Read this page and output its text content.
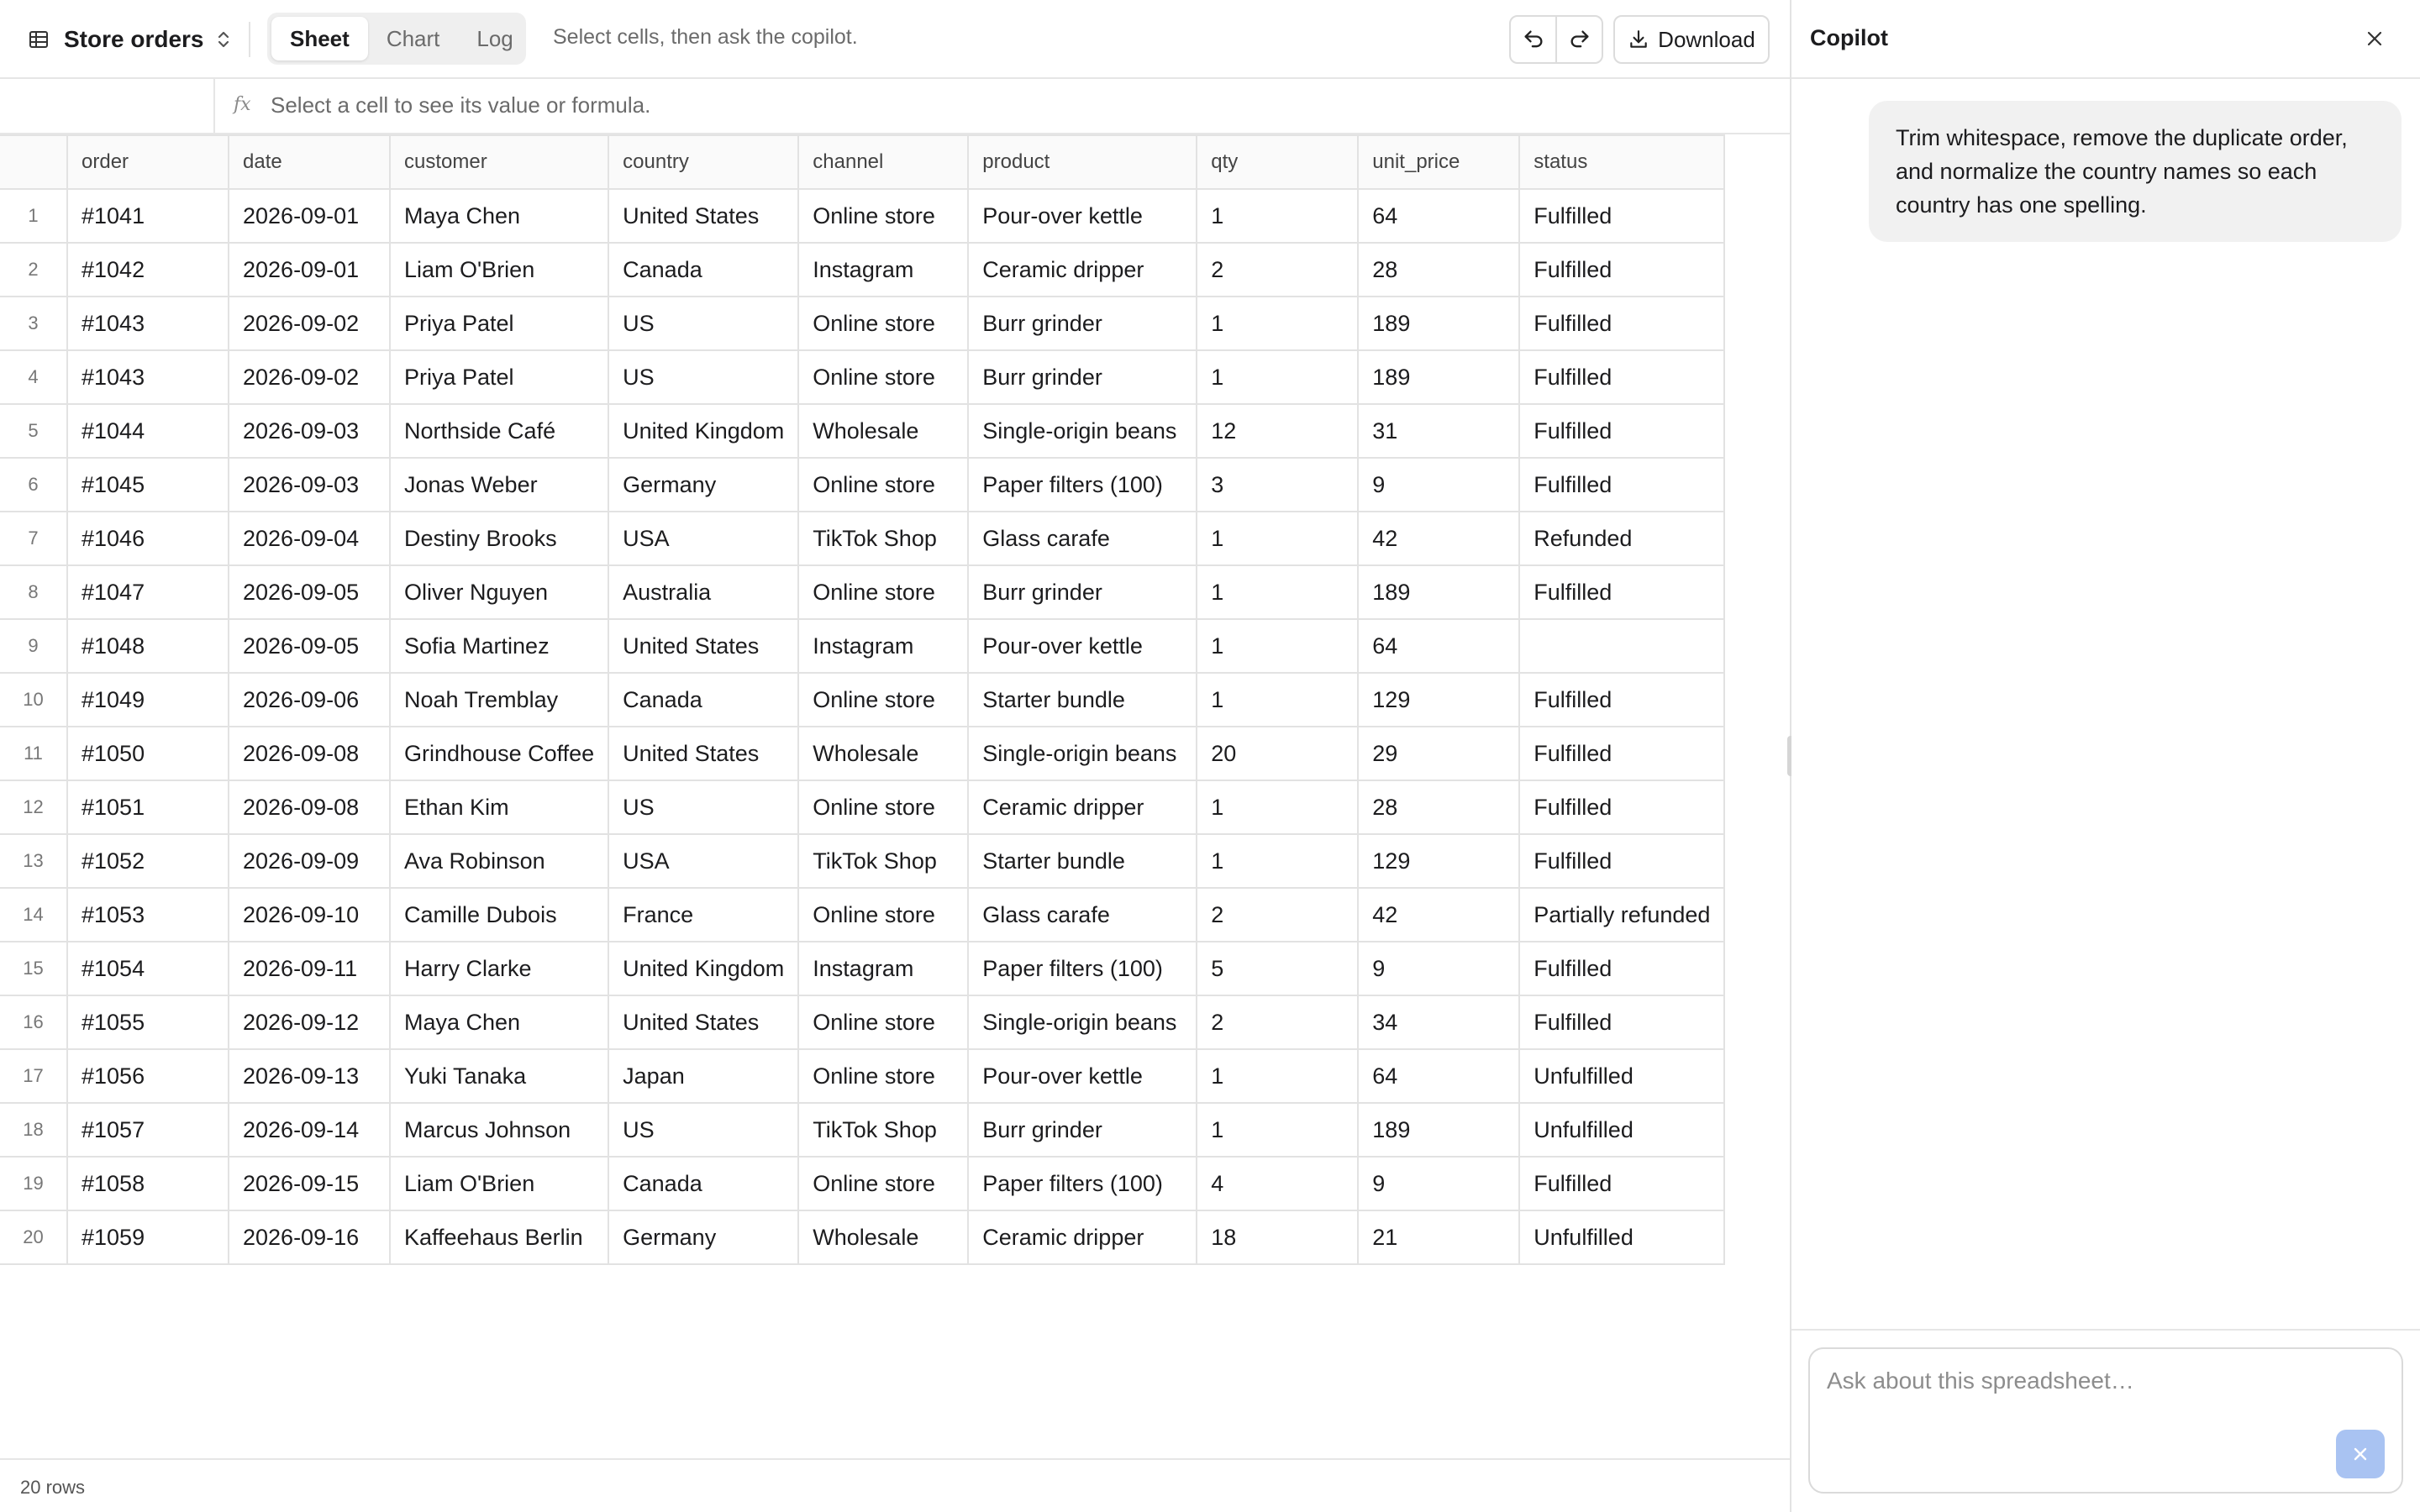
Store orders	Sheet	Chart	Log	Select cells, then ask the copilot.	Download
fx Select a cell to see its value or formula.
	order	date	customer	country	channel	product	qty	unit_price	status
1	#1041	2026-09-01	Maya Chen	United States	Online store	Pour-over kettle	1	64	Fulfilled
2	#1042	2026-09-01	Liam O'Brien	Canada	Instagram	Ceramic dripper	2	28	Fulfilled
3	#1043	2026-09-02	Priya Patel	US	Online store	Burr grinder	1	189	Fulfilled
4	#1043	2026-09-02	Priya Patel	US	Online store	Burr grinder	1	189	Fulfilled
5	#1044	2026-09-03	Northside Café	United Kingdom	Wholesale	Single-origin beans	12	31	Fulfilled
6	#1045	2026-09-03	Jonas Weber	Germany	Online store	Paper filters (100)	3	9	Fulfilled
7	#1046	2026-09-04	Destiny Brooks	USA	TikTok Shop	Glass carafe	1	42	Refunded
8	#1047	2026-09-05	Oliver Nguyen	Australia	Online store	Burr grinder	1	189	Fulfilled
9	#1048	2026-09-05	Sofia Martinez	United States	Instagram	Pour-over kettle	1	64	
10	#1049	2026-09-06	Noah Tremblay	Canada	Online store	Starter bundle	1	129	Fulfilled
11	#1050	2026-09-08	Grindhouse Coffee	United States	Wholesale	Single-origin beans	20	29	Fulfilled
12	#1051	2026-09-08	Ethan Kim	US	Online store	Ceramic dripper	1	28	Fulfilled
13	#1052	2026-09-09	Ava Robinson	USA	TikTok Shop	Starter bundle	1	129	Fulfilled
14	#1053	2026-09-10	Camille Dubois	France	Online store	Glass carafe	2	42	Partially refunded
15	#1054	2026-09-11	Harry Clarke	United Kingdom	Instagram	Paper filters (100)	5	9	Fulfilled
16	#1055	2026-09-12	Maya Chen	United States	Online store	Single-origin beans	2	34	Fulfilled
17	#1056	2026-09-13	Yuki Tanaka	Japan	Online store	Pour-over kettle	1	64	Unfulfilled
18	#1057	2026-09-14	Marcus Johnson	US	TikTok Shop	Burr grinder	1	189	Unfulfilled
19	#1058	2026-09-15	Liam O'Brien	Canada	Online store	Paper filters (100)	4	9	Fulfilled
20	#1059	2026-09-16	Kaffeehaus Berlin	Germany	Wholesale	Ceramic dripper	18	21	Unfulfilled
20 rows
Copilot
Trim whitespace, remove the duplicate order, and normalize the country names so each country has one spelling.
Ask about this spreadsheet…
